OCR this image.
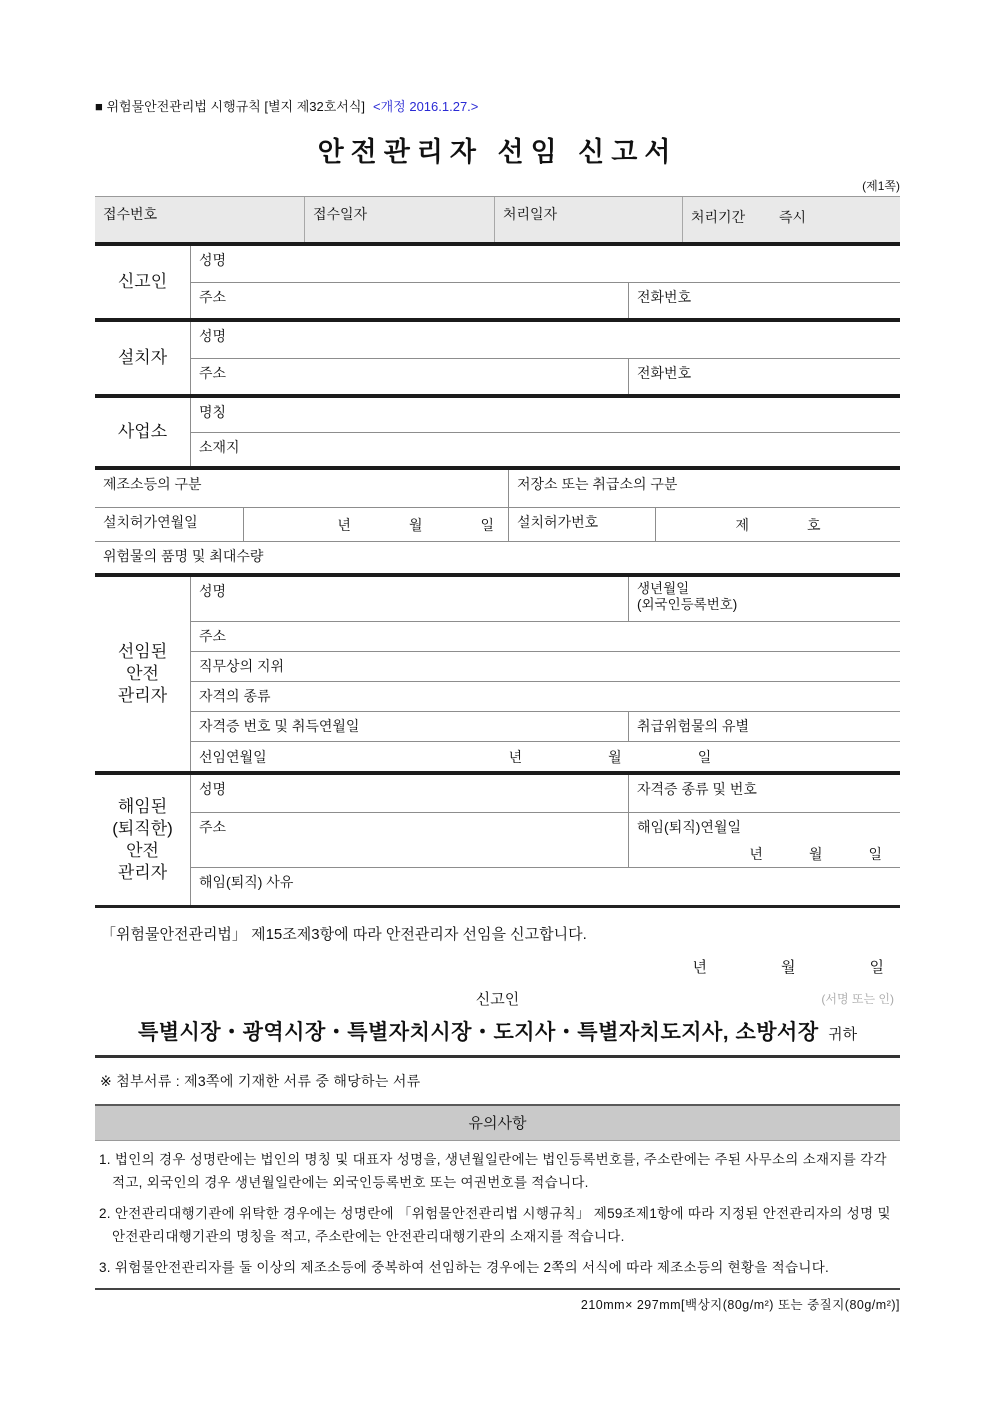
■ 위험물안전관리법 시행규칙 [별지 제32호서식] <개정 2016.1.27.>
안전관리자 선임 신고서
(제1쪽)
접수번호	접수일자	처리일자	처리기간 즉시
신고인
성명
주소	전화번호
설치자
성명
주소	전화번호
사업소
명칭
소재지
제조소등의 구분	저장소 또는 취급소의 구분
설치허가연월일	년	월	일	설치허가번호	제	호
위험물의 품명 및 최대수량
선임된
안전
관리자
성명	생년월일
(외국인등록번호)
주소
직무상의 지위
자격의 종류
자격증 번호 및 취득연월일	취급위험물의 유별
선임연월일	년	월	일
해임된
(퇴직한)
안전
관리자
성명	자격증 종류 및 번호
주소	해임(퇴직)연월일
년	월	일
해임(퇴직) 사유
「위험물안전관리법」 제15조제3항에 따라 안전관리자 선임을 신고합니다.
년	월	일
신고인	(서명 또는 인)
특별시장・광역시장・특별자치시장・도지사・특별자치도지사, 소방서장 귀하
※ 첨부서류 : 제3쪽에 기재한 서류 중 해당하는 서류
유의사항

1. 법인의 경우 성명란에는 법인의 명칭 및 대표자 성명을, 생년월일란에는 법인등록번호를, 주소란에는 주된 사무소의 소재지를 각각 적고, 외국인의 경우 생년월일란에는 외국인등록번호 또는 여권번호를 적습니다.

2. 안전관리대행기관에 위탁한 경우에는 성명란에 「위험물안전관리법 시행규칙」 제59조제1항에 따라 지정된 안전관리자의 성명 및 안전관리대행기관의 명칭을 적고, 주소란에는 안전관리대행기관의 소재지를 적습니다.

3. 위험물안전관리자를 둘 이상의 제조소등에 중복하여 선임하는 경우에는 2쪽의 서식에 따라 제조소등의 현황을 적습니다.

210mm× 297mm[백상지(80g/m²) 또는 중질지(80g/m²)]
